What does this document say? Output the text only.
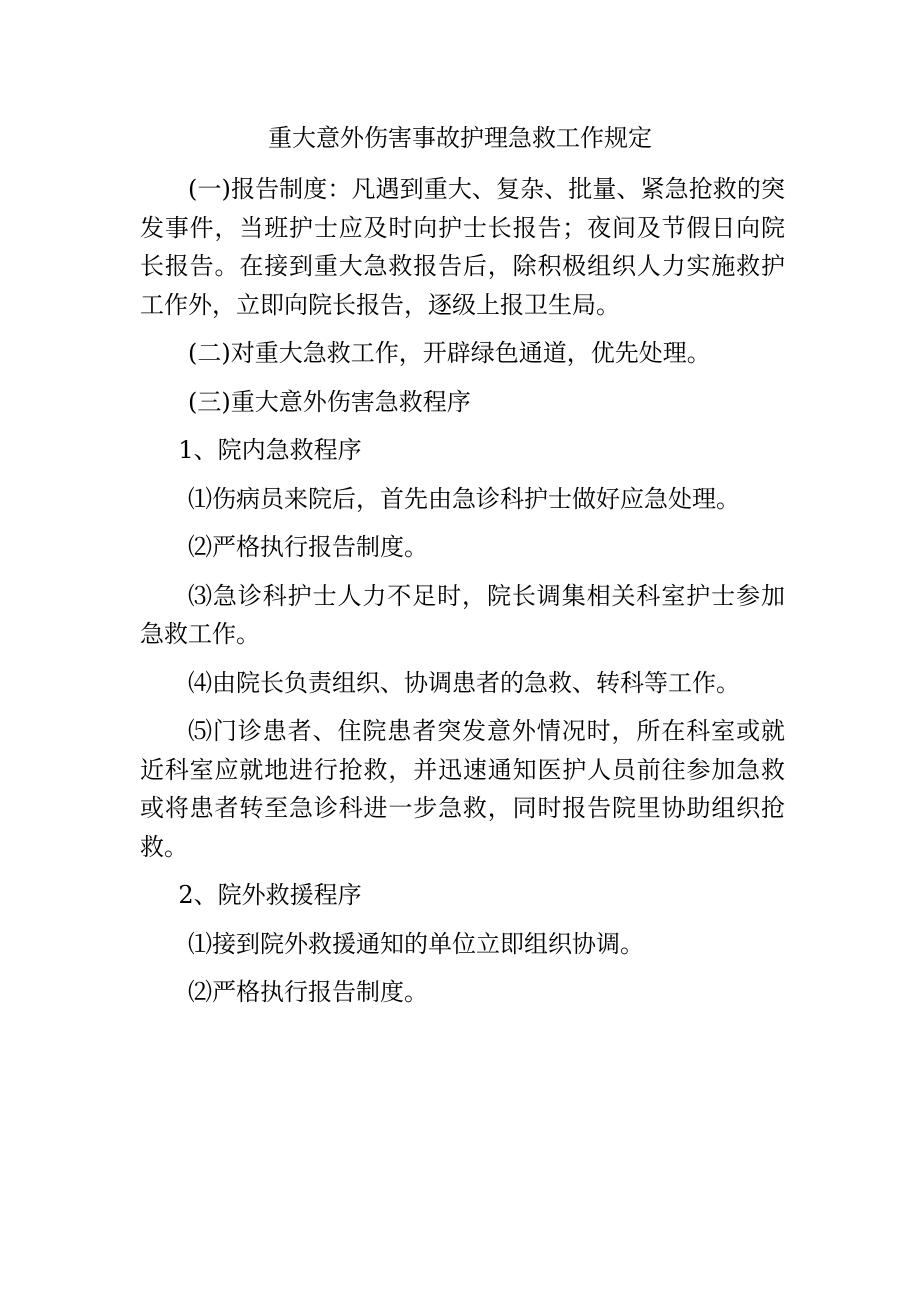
重大意外伤害事故护理急救工作规定

(一)报告制度：凡遇到重大、复杂、批量、紧急抢救的突发事件，当班护士应及时向护士长报告；夜间及节假日向院长报告。在接到重大急救报告后，除积极组织人力实施救护工作外，立即向院长报告，逐级上报卫生局。

(二)对重大急救工作，开辟绿色通道，优先处理。

(三)重大意外伤害急救程序

1、院内急救程序

⑴伤病员来院后，首先由急诊科护士做好应急处理。

⑵严格执行报告制度。

⑶急诊科护士人力不足时，院长调集相关科室护士参加急救工作。

⑷由院长负责组织、协调患者的急救、转科等工作。

⑸门诊患者、住院患者突发意外情况时，所在科室或就近科室应就地进行抢救，并迅速通知医护人员前往参加急救或将患者转至急诊科进一步急救，同时报告院里协助组织抢救。

2、院外救援程序

⑴接到院外救援通知的单位立即组织协调。

⑵严格执行报告制度。
